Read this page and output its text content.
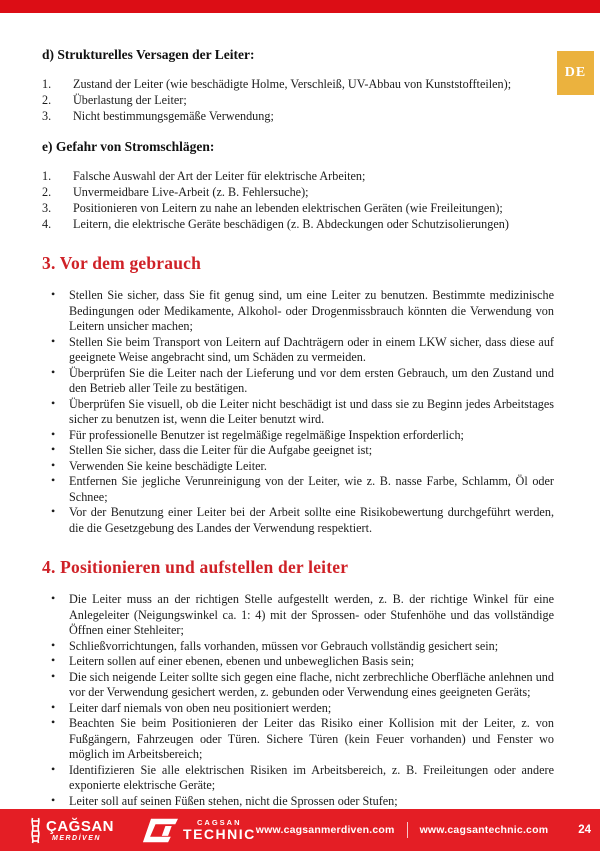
DE
d) Strukturelles Versagen der Leiter:
Zustand der Leiter (wie beschädigte Holme, Verschleiß, UV-Abbau von Kunststoffteilen);
Überlastung der Leiter;
Nicht bestimmungsgemäße Verwendung;
e) Gefahr von Stromschlägen:
Falsche Auswahl der Art der Leiter für elektrische Arbeiten;
Unvermeidbare Live-Arbeit (z. B. Fehlersuche);
Positionieren von Leitern zu nahe an lebenden elektrischen Geräten (wie Freileitungen);
Leitern, die elektrische Geräte beschädigen (z. B. Abdeckungen oder Schutzisolierungen)
3. Vor dem gebrauch
• Stellen Sie sicher, dass Sie fit genug sind, um eine Leiter zu benutzen. Bestimmte medizinische Bedingungen oder Medikamente, Alkohol- oder Drogenmissbrauch könnten die Verwendung von Leitern unsicher machen;
• Stellen Sie beim Transport von Leitern auf Dachträgern oder in einem LKW sicher, dass diese auf geeignete Weise angebracht sind, um Schäden zu vermeiden.
• Überprüfen Sie die Leiter nach der Lieferung und vor dem ersten Gebrauch, um den Zustand und den Betrieb aller Teile zu bestätigen.
• Überprüfen Sie visuell, ob die Leiter nicht beschädigt ist und dass sie zu Beginn jedes Arbeitstages sicher zu benutzen ist, wenn die Leiter benutzt wird.
• Für professionelle Benutzer ist regelmäßige regelmäßige Inspektion erforderlich;
• Stellen Sie sicher, dass die Leiter für die Aufgabe geeignet ist;
• Verwenden Sie keine beschädigte Leiter.
• Entfernen Sie jegliche Verunreinigung von der Leiter, wie z. B. nasse Farbe, Schlamm, Öl oder Schnee;
• Vor der Benutzung einer Leiter bei der Arbeit sollte eine Risikobewertung durchgeführt werden, die die Gesetzgebung des Landes der Verwendung respektiert.
4. Positionieren und aufstellen der leiter
• Die Leiter muss an der richtigen Stelle aufgestellt werden, z. B. der richtige Winkel für eine Anlegeleiter (Neigungswinkel ca. 1: 4) mit der Sprossen- oder Stufenhöhe und das vollständige Öffnen einer Stehleiter;
• Schließvorrichtungen, falls vorhanden, müssen vor Gebrauch vollständig gesichert sein;
• Leitern sollen auf einer ebenen, ebenen und unbeweglichen Basis sein;
• Die sich neigende Leiter sollte sich gegen eine flache, nicht zerbrechliche Oberfläche anlehnen und vor der Verwendung gesichert werden, z. gebunden oder Verwendung eines geeigneten Geräts;
• Leiter darf niemals von oben neu positioniert werden;
• Beachten Sie beim Positionieren der Leiter das Risiko einer Kollision mit der Leiter, z. von Fußgängern, Fahrzeugen oder Türen. Sichere Türen (kein Feuer vorhanden) und Fenster wo möglich im Arbeitsbereich;
• Identifizieren Sie alle elektrischen Risiken im Arbeitsbereich, z. B. Freileitungen oder andere exponierte elektrische Geräte;
• Leiter soll auf seinen Füßen stehen, nicht die Sprossen oder Stufen;
ÇAĞSAN
MERDİVEN
CAGSAN
TECHNIC www.cagsanmerdiven.com www.cagsantechnic.com	24
